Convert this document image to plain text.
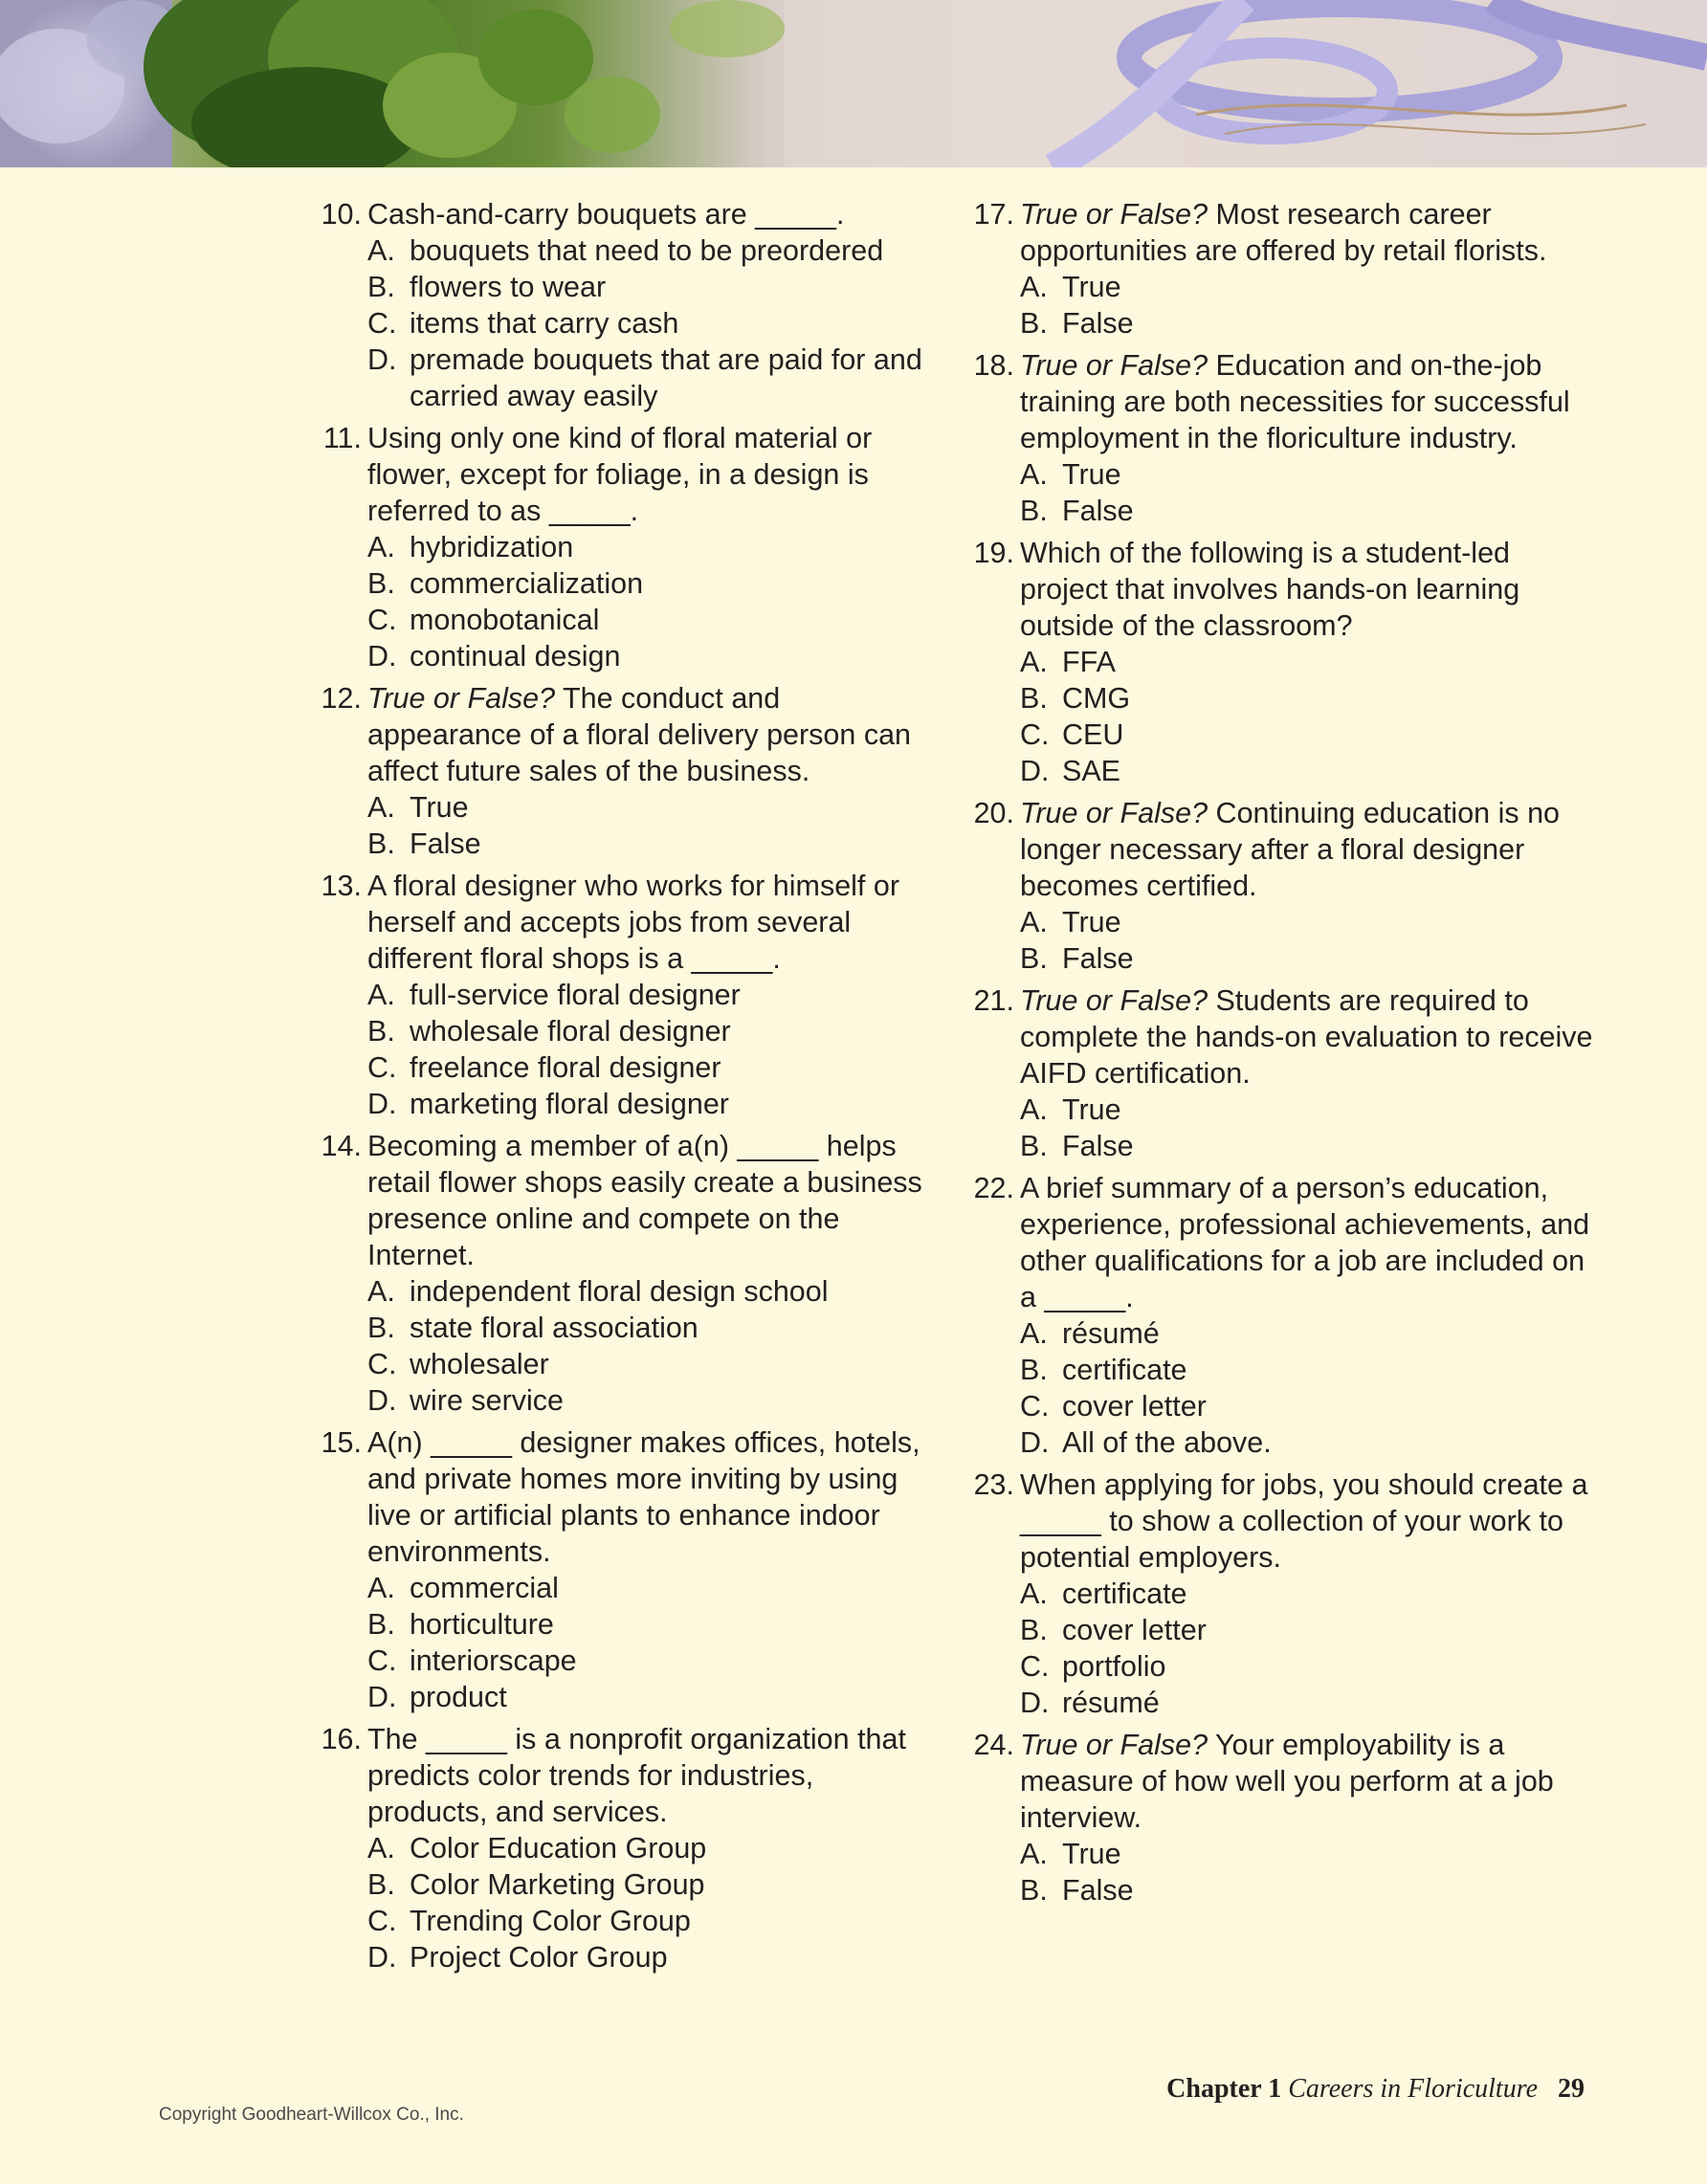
10. Cash-and-carry bouquets are _____.
A. bouquets that need to be preordered
B. flowers to wear
C. items that carry cash
D. premade bouquets that are paid for and carried away easily
11. Using only one kind of floral material or flower, except for foliage, in a design is referred to as _____.
A. hybridization
B. commercialization
C. monobotanical
D. continual design
12. True or False? The conduct and appearance of a floral delivery person can affect future sales of the business.
A. True
B. False
13. A floral designer who works for himself or herself and accepts jobs from several different floral shops is a _____.
A. full-service floral designer
B. wholesale floral designer
C. freelance floral designer
D. marketing floral designer
14. Becoming a member of a(n) _____ helps retail flower shops easily create a business presence online and compete on the Internet.
A. independent floral design school
B. state floral association
C. wholesaler
D. wire service
15. A(n) _____ designer makes offices, hotels, and private homes more inviting by using live or artificial plants to enhance indoor environments.
A. commercial
B. horticulture
C. interiorscape
D. product
16. The _____ is a nonprofit organization that predicts color trends for industries, products, and services.
A. Color Education Group
B. Color Marketing Group
C. Trending Color Group
D. Project Color Group
17. True or False? Most research career opportunities are offered by retail florists.
A. True
B. False
18. True or False? Education and on-the-job training are both necessities for successful employment in the floriculture industry.
A. True
B. False
19. Which of the following is a student-led project that involves hands-on learning outside of the classroom?
A. FFA
B. CMG
C. CEU
D. SAE
20. True or False? Continuing education is no longer necessary after a floral designer becomes certified.
A. True
B. False
21. True or False? Students are required to complete the hands-on evaluation to receive AIFD certification.
A. True
B. False
22. A brief summary of a person’s education, experience, professional achievements, and other qualifications for a job are included on a _____.
A. résumé
B. certificate
C. cover letter
D. All of the above.
23. When applying for jobs, you should create a _____ to show a collection of your work to potential employers.
A. certificate
B. cover letter
C. portfolio
D. résumé
24. True or False? Your employability is a measure of how well you perform at a job interview.
A. True
B. False
Copyright Goodheart-Willcox Co., Inc.
Chapter 1 Careers in Floriculture 29
